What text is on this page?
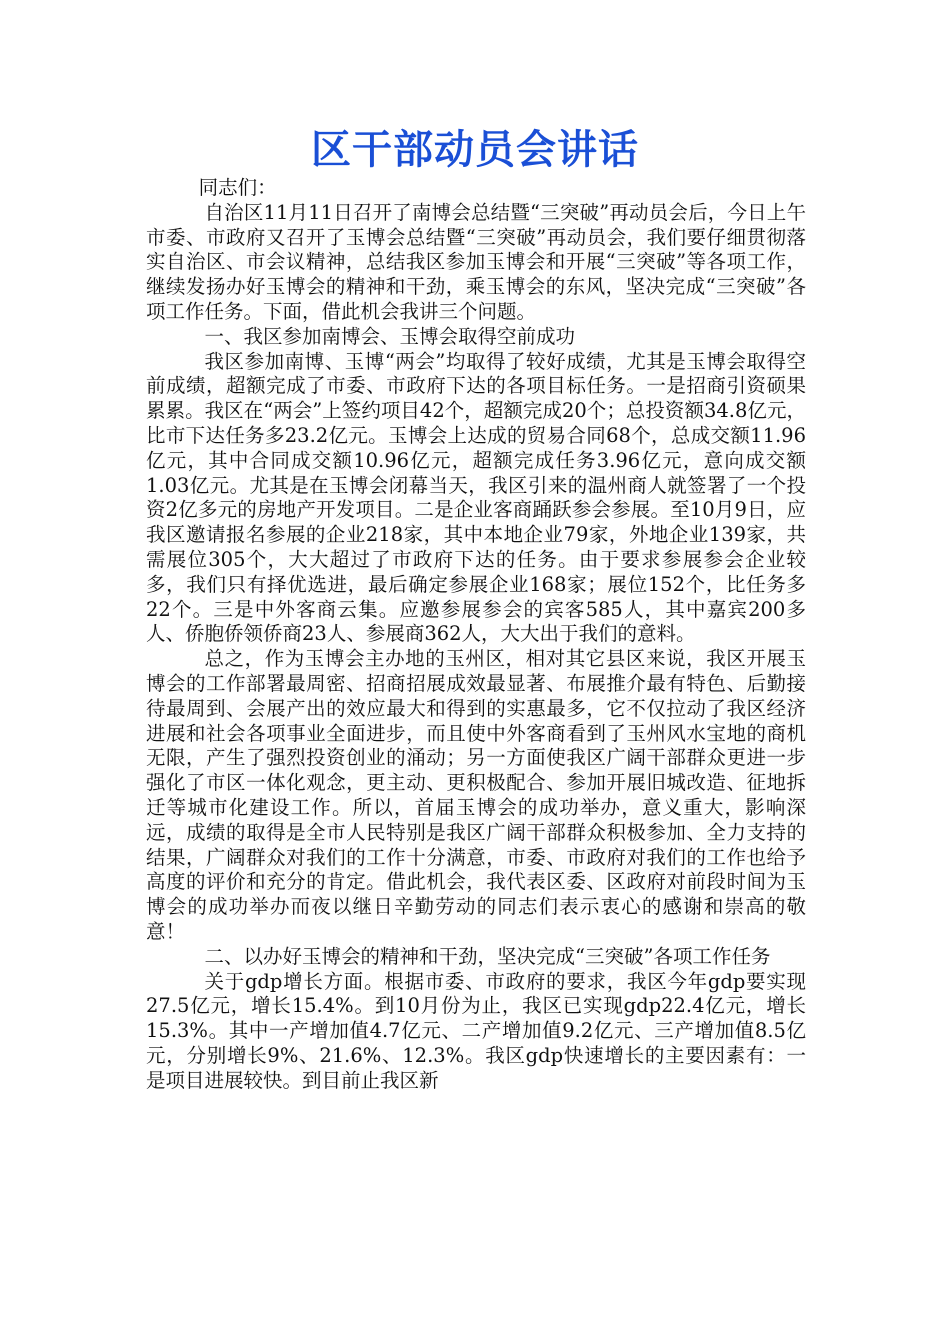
区干部动员会讲话

同志们：

自治区11月11日召开了南博会总结暨“三突破”再动员会后，今日上午市委、市政府又召开了玉博会总结暨“三突破”再动员会，我们要仔细贯彻落实自治区、市会议精神，总结我区参加玉博会和开展“三突破”等各项工作，继续发扬办好玉博会的精神和干劲，乘玉博会的东风，坚决完成“三突破”各项工作任务。下面，借此机会我讲三个问题。

一、我区参加南博会、玉博会取得空前成功

我区参加南博、玉博“两会”均取得了较好成绩，尤其是玉博会取得空前成绩，超额完成了市委、市政府下达的各项目标任务。一是招商引资硕果累累。我区在“两会”上签约项目42个，超额完成20个；总投资额34.8亿元，比市下达任务多23.2亿元。玉博会上达成的贸易合同68个，总成交额11.96亿元，其中合同成交额10.96亿元，超额完成任务3.96亿元，意向成交额1.03亿元。尤其是在玉博会闭幕当天，我区引来的温州商人就签署了一个投资2亿多元的房地产开发项目。二是企业客商踊跃参会参展。至10月9日，应我区邀请报名参展的企业218家，其中本地企业79家，外地企业139家，共需展位305个，大大超过了市政府下达的任务。由于要求参展参会企业较多，我们只有择优选进，最后确定参展企业168家；展位152个，比任务多22个。三是中外客商云集。应邀参展参会的宾客585人，其中嘉宾200多人、侨胞侨领侨商23人、参展商362人，大大出于我们的意料。

总之，作为玉博会主办地的玉州区，相对其它县区来说，我区开展玉博会的工作部署最周密、招商招展成效最显著、布展推介最有特色、后勤接待最周到、会展产出的效应最大和得到的实惠最多，它不仅拉动了我区经济进展和社会各项事业全面进步，而且使中外客商看到了玉州风水宝地的商机无限，产生了强烈投资创业的涌动；另一方面使我区广阔干部群众更进一步强化了市区一体化观念，更主动、更积极配合、参加开展旧城改造、征地拆迁等城市化建设工作。所以，首届玉博会的成功举办，意义重大，影响深远，成绩的取得是全市人民特别是我区广阔干部群众积极参加、全力支持的结果，广阔群众对我们的工作十分满意，市委、市政府对我们的工作也给予高度的评价和充分的肯定。借此机会，我代表区委、区政府对前段时间为玉博会的成功举办而夜以继日辛勤劳动的同志们表示衷心的感谢和崇高的敬意！

二、以办好玉博会的精神和干劲，坚决完成“三突破”各项工作任务

关于gdp增长方面。根据市委、市政府的要求，我区今年gdp要实现27.5亿元，增长15.4%。到10月份为止，我区已实现gdp22.4亿元，增长15.3%。其中一产增加值4.7亿元、二产增加值9.2亿元、三产增加值8.5亿元，分别增长9%、21.6%、12.3%。我区gdp快速增长的主要因素有：一是项目进展较快。到目前止我区新
